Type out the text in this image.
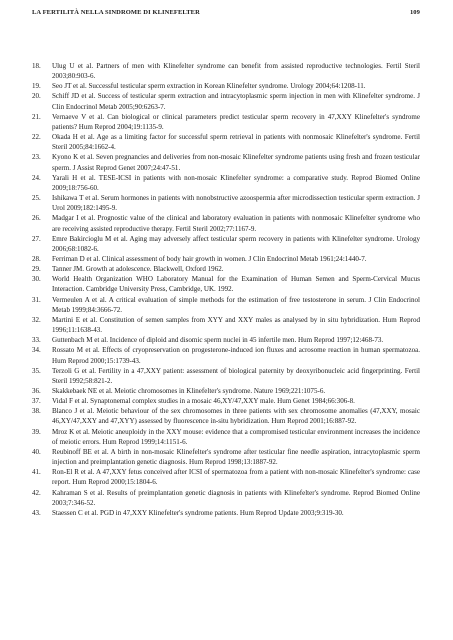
LA FERTILITÀ NELLA SINDROME DI KLINEFELTER	109
18.	Ulug U et al. Partners of men with Klinefelter syndrome can benefit from assisted reproductive technologies. Fertil Steril 2003;80:903-6.
19.	Seo JT et al. Successful testicular sperm extraction in Korean Klinefelter syndrome. Urology 2004;64:1208-11.
20.	Schiff JD et al. Success of testicular sperm extraction and intracytoplasmic sperm injection in men with Klinefelter syndrome. J Clin Endocrinol Metab 2005;90:6263-7.
21.	Vernaeve V et al. Can biological or clinical parameters predict testicular sperm recovery in 47,XXY Klinefelter's syndrome patients? Hum Reprod 2004;19:1135-9.
22.	Okada H et al. Age as a limiting factor for successful sperm retrieval in patients with nonmosaic Klinefelter's syndrome. Fertil Steril 2005;84:1662-4.
23.	Kyono K et al. Seven pregnancies and deliveries from non-mosaic Klinefelter syndrome patients using fresh and frozen testicular sperm. J Assist Reprod Genet 2007;24:47-51.
24.	Yarali H et al. TESE-ICSI in patients with non-mosaic Klinefelter syndrome: a comparative study. Reprod Biomed Online 2009;18:756-60.
25.	Ishikawa T et al. Serum hormones in patients with nonobstructive azoospermia after microdissection testicular sperm extraction. J Urol 2009;182:1495-9.
26.	Madgar I et al. Prognostic value of the clinical and laboratory evaluation in patients with nonmosaic Klinefelter syndrome who are receiving assisted reproductive therapy. Fertil Steril 2002;77:1167-9.
27.	Emre Bakircioglu M et al. Aging may adversely affect testicular sperm recovery in patients with Klinefelter syndrome. Urology 2006;68:1082-6.
28.	Ferriman D et al. Clinical assessment of body hair growth in women. J Clin Endocrinol Metab 1961;24:1440-7.
29.	Tanner JM. Growth at adolescence. Blackwell, Oxford 1962.
30.	World Health Organization WHO Laboratory Manual for the Examination of Human Semen and Sperm-Cervical Mucus Interaction. Cambridge University Press, Cambridge, UK. 1992.
31.	Vermeulen A et al. A critical evaluation of simple methods for the estimation of free testosterone in serum. J Clin Endocrinol Metab 1999;84:3666-72.
32.	Martini E et al. Constitution of semen samples from XYY and XXY males as analysed by in situ hybridization. Hum Reprod 1996;11:1638-43.
33.	Guttenbach M et al. Incidence of diploid and disomic sperm nuclei in 45 infertile men. Hum Reprod 1997;12:468-73.
34.	Rossato M et al. Effects of cryopreservation on progesterone-induced ion fluxes and acrosome reaction in human spermatozoa. Hum Reprod 2000;15:1739-43.
35.	Terzoli G et al. Fertility in a 47,XXY patient: assessment of biological paternity by deoxyribonucleic acid fingerprinting. Fertil Steril 1992;58:821-2.
36.	Skakkebaek NE et al. Meiotic chromosomes in Klinefelter's syndrome. Nature 1969;221:1075-6.
37.	Vidal F et al. Synaptonemal complex studies in a mosaic 46,XY/47,XXY male. Hum Genet 1984;66:306-8.
38.	Blanco J et al. Meiotic behaviour of the sex chromosomes in three patients with sex chromosome anomalies (47,XXY, mosaic 46,XY/47,XXY and 47,XYY) assessed by fluorescence in-situ hybridization. Hum Reprod 2001;16:887-92.
39.	Mroz K et al. Meiotic aneuploidy in the XXY mouse: evidence that a compromised testicular environment increases the incidence of meiotic errors. Hum Reprod 1999;14:1151-6.
40.	Reubinoff BE et al. A birth in non-mosaic Klinefelter's syndrome after testicular fine needle aspiration, intracytoplasmic sperm injection and preimplantation genetic diagnosis. Hum Reprod 1998;13:1887-92.
41.	Ron-El R et al. A 47,XXY fetus conceived after ICSI of spermatozoa from a patient with non-mosaic Klinefelter's syndrome: case report. Hum Reprod 2000;15:1804-6.
42.	Kahraman S et al. Results of preimplantation genetic diagnosis in patients with Klinefelter's syndrome. Reprod Biomed Online 2003;7:346-52.
43.	Staessen C et al. PGD in 47,XXY Klinefelter's syndrome patients. Hum Reprod Update 2003;9:319-30.
